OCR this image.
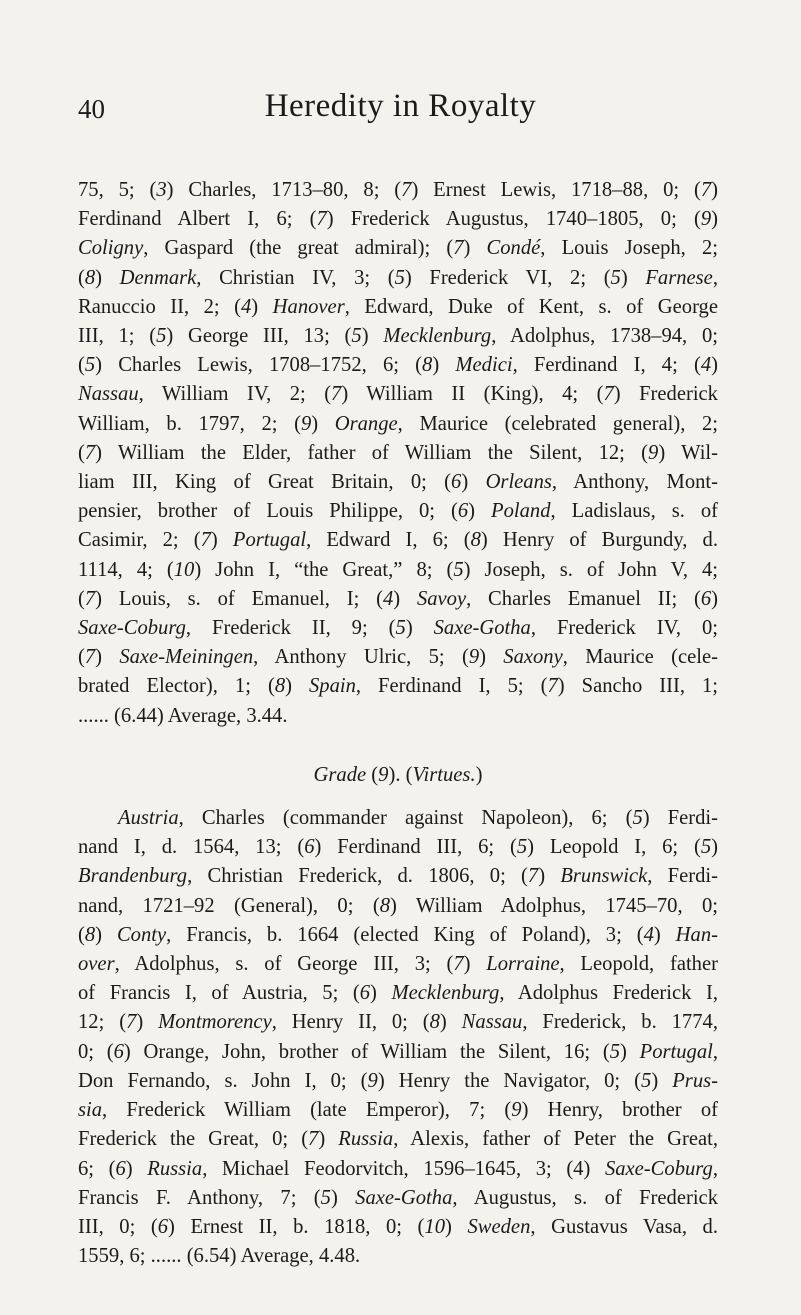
40	Heredity in Royalty
75, 5; (3) Charles, 1713–80, 8; (7) Ernest Lewis, 1718–88, 0; (7)
Ferdinand Albert I, 6; (7) Frederick Augustus, 1740–1805, 0; (9)
Coligny, Gaspard (the great admiral); (7) Condé, Louis Joseph, 2;
(8) Denmark, Christian IV, 3; (5) Frederick VI, 2; (5) Farnese,
Ranuccio II, 2; (4) Hanover, Edward, Duke of Kent, s. of George
III, 1; (5) George III, 13; (5) Mecklenburg, Adolphus, 1738–94, 0;
(5) Charles Lewis, 1708–1752, 6; (8) Medici, Ferdinand I, 4; (4)
Nassau, William IV, 2; (7) William II (King), 4; (7) Frederick
William, b. 1797, 2; (9) Orange, Maurice (celebrated general), 2;
(7) William the Elder, father of William the Silent, 12; (9) Wil-
liam III, King of Great Britain, 0; (6) Orleans, Anthony, Mont-
pensier, brother of Louis Philippe, 0; (6) Poland, Ladislaus, s. of
Casimir, 2; (7) Portugal, Edward I, 6; (8) Henry of Burgundy, d.
1114, 4; (10) John I, “the Great,” 8; (5) Joseph, s. of John V, 4;
(7) Louis, s. of Emanuel, I; (4) Savoy, Charles Emanuel II; (6)
Saxe-Coburg, Frederick II, 9; (5) Saxe-Gotha, Frederick IV, 0;
(7) Saxe-Meiningen, Anthony Ulric, 5; (9) Saxony, Maurice (cele-
brated Elector), 1; (8) Spain, Ferdinand I, 5; (7) Sancho III, 1;
...... (6.44) Average, 3.44.
Grade (9). (Virtues.)
Austria, Charles (commander against Napoleon), 6; (5) Ferdi-
nand I, d. 1564, 13; (6) Ferdinand III, 6; (5) Leopold I, 6; (5)
Brandenburg, Christian Frederick, d. 1806, 0; (7) Brunswick, Ferdi-
nand, 1721–92 (General), 0; (8) William Adolphus, 1745–70, 0;
(8) Conty, Francis, b. 1664 (elected King of Poland), 3; (4) Han-
over, Adolphus, s. of George III, 3; (7) Lorraine, Leopold, father
of Francis I, of Austria, 5; (6) Mecklenburg, Adolphus Frederick I,
12; (7) Montmorency, Henry II, 0; (8) Nassau, Frederick, b. 1774,
0; (6) Orange, John, brother of William the Silent, 16; (5) Portugal,
Don Fernando, s. John I, 0; (9) Henry the Navigator, 0; (5) Prus-
sia, Frederick William (late Emperor), 7; (9) Henry, brother of
Frederick the Great, 0; (7) Russia, Alexis, father of Peter the Great,
6; (6) Russia, Michael Feodorvitch, 1596–1645, 3; (4) Saxe-Coburg,
Francis F. Anthony, 7; (5) Saxe-Gotha, Augustus, s. of Frederick
III, 0; (6) Ernest II, b. 1818, 0; (10) Sweden, Gustavus Vasa, d.
1559, 6; ...... (6.54) Average, 4.48.
